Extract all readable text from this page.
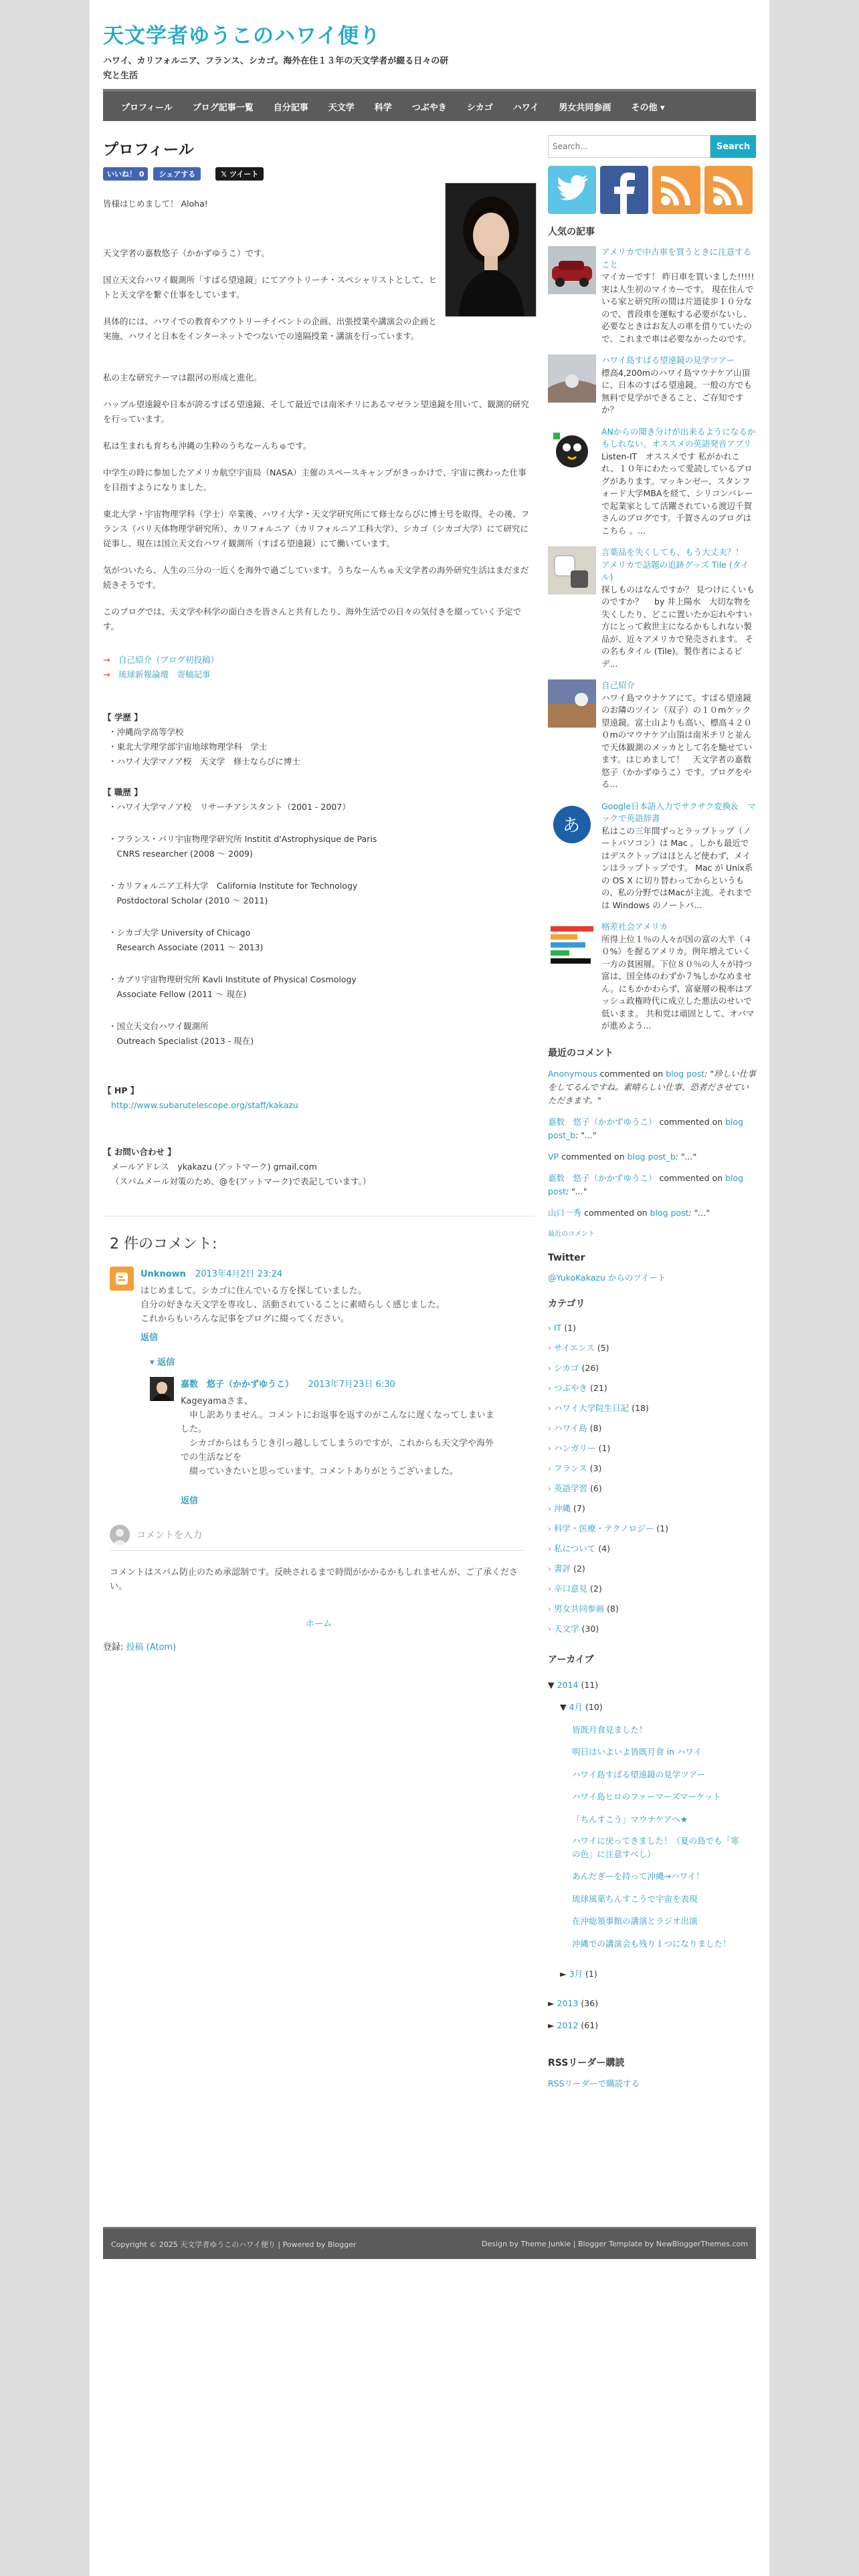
天文学者ゆうこのハワイ便り
ハワイ、カリフォルニア、フランス、シカゴ。海外在住１３年の天文学者が綴る日々の研究と生活
プロフィール	ブログ記事一覧	自分記事	天文学	科学	つぶやき	シカゴ	ハワイ	男女共同参画	その他 ▾
プロフィール
いいね！ 0	シェアする	𝕏 ツイート

皆様はじめまして！ Aloha!

天文学者の嘉数悠子（かかずゆうこ）です。

国立天文台ハワイ観測所「すばる望遠鏡」にてアウトリーチ・スペシャリストとして、ヒトと天文学を繋ぐ仕事をしています。

具体的には、ハワイでの教育やアウトリーチイベントの企画、出張授業や講演会の企画と実施、ハワイと日本をインターネットでつないでの遠隔授業・講演を行っています。

私の主な研究テーマは銀河の形成と進化。

ハッブル望遠鏡や日本が誇るすばる望遠鏡、そして最近では南米チリにあるマゼラン望遠鏡を用いて、観測的研究を行っています。

私は生まれも育ちも沖縄の生粋のうちなーんちゅです。

中学生の時に参加したアメリカ航空宇宙局（NASA）主催のスペースキャンプがきっかけで、宇宙に携わった仕事を目指すようになりました。

東北大学・宇宙物理学科（学士）卒業後、ハワイ大学・天文学研究所にて修士ならびに博士号を取得。その後、フランス（パリ天体物理学研究所）、カリフォルニア（カリフォルニア工科大学）、シカゴ（シカゴ大学）にて研究に従事し、現在は国立天文台ハワイ観測所（すばる望遠鏡）にて働いています。

気がついたら、人生の三分の一近くを海外で過ごしています。うちなーんちゅ天文学者の海外研究生活はまだまだ続きそうです。

このブログでは、天文学や科学の面白さを皆さんと共有したり、海外生活での日々の気付きを綴っていく予定です。

→　 自己紹介（ブログ初投稿）
→　 琉球新報論壇　寄稿記事
【 学歴 】
・沖縄尚学高等学校
・東北大学理学部宇宙地球物理学科　学士
・ハワイ大学マノア校　天文学　修士ならびに博士
【 職歴 】
・ハワイ大学マノア校　リサーチアシスタント（2001 - 2007）
・フランス・パリ宇宙物理学研究所 Institit d'Astrophysique de Paris
　CNRS researcher (2008 ～ 2009)
・カリフォルニア工科大学　California Institute for Technology
　Postdoctoral Scholar (2010 ～ 2011)
・シカゴ大学 University of Chicago
　Research Associate (2011 ～ 2013)
・カブリ宇宙物理研究所 Kavli Institute of Physical Cosmology
　Associate Fellow (2011 ～ 現在)
・国立天文台ハワイ観測所
　Outreach Specialist (2013 - 現在)
【 HP 】
http://www.subarutelescope.org/staff/kakazu
【 お問い合わせ 】
メールアドレス　ykakazu (アットマーク) gmail.com
（スパムメール対策のため、@を(アットマーク)で表記しています。）
2 件のコメント:
Unknown　 2013年4月2日 23:24
はじめまして。シカゴに住んでいる方を探していました。
自分の好きな天文学を専攻し、活動されていることに素晴らしく感じました。
これからもいろんな記事をブログに綴ってください。
返信
▾ 返信
嘉数　悠子（かかずゆうこ）　　 2013年7月23日 6:30
Kageyamaさま、
　申し訳ありません。コメントにお返事を返すのがこんなに遅くなってしまいました。
　シカゴからはもうじき引っ越ししてしまうのですが、これからも天文学や海外での生活などを
　綴っていきたいと思っています。コメントありがとうございました。
返信
コメントを入力

コメントはスパム防止のため承認制です。反映されるまで時間がかかるかもしれませんが、ご了承ください。

ホーム
登録: 投稿 (Atom)
Search...
Search
人気の記事
アメリカで中古車を買うときに注意すること
マイカーです！ 昨日車を買いました!!!!!　 実は人生初のマイカーです。 現在住んでいる家と研究所の間は片道徒歩１０分なので、普段車を運転する必要がないし、必要なときはお友人の車を借りていたので、これまで車は必要なかったのです。
ハワイ島すばる望遠鏡の見学ツアー
標高4,200mのハワイ島マウナケア山頂に、日本のすばる望遠鏡。一般の方でも無料で見学ができること、ご存知ですか？
ANからの聞き分けが出来るようになるかもしれない。オススメの英語発音アプリ
Listen-IT　オススメです 私がかれこれ、１０年にわたって愛読しているブログがあります。マッキンゼー、スタンフォード大学MBAを経て、シリコンバレーで起業家として活躍されている渡辺千賀さんのブログです。千賀さんのブログは　こちら 。...
言葉品を失くしても、もう大丈夫？！　アメリカで話題の追跡グッズ Tile (タイル)
探しものはなんですか？ 見つけにくいものですか？　 by 井上陽水　大切な物を失くしたり、どこに置いたか忘れやすい方にとって救世主になるかもしれない製品が、近々アメリカで発売されます。 その名もタイル (Tile)。製作者によるビデ...
自己紹介
ハワイ島マウナケアにて。すばる望遠鏡のお隣のツイン（双子）の１０mケック望遠鏡。富士山よりも高い、標高４２００mのマウナケア山頂は南米チリと並んで天体観測のメッカとして名を馳せています。はじめまして！　天文学者の嘉数悠子（かかずゆうこ）です。ブログをやる...
あ
Google日本語入力でサクサク変換＆　マックで英語辞書
私はこの三年間ずっとラップトップ（ノートパソコン）は Mac 。しかも最近ではデスクトップはほとんど使わず、メインはラップトップです。 Mac が Unix系の OS X に切り替わってからというもの、私の分野ではMacが主流。それまでは Windows のノートパ...
格差社会アメリカ
所得上位１％の人々が国の富の大半（４０%）を握るアメリカ。例年増えていく一方の貧困層。下位８０％の人々が持つ富は、国全体のわずか７%しかなめません。にもかかわらず、富豪層の税率はブッシュ政権時代に成立した悪法のせいで低いまま。 共和党は頑固として、オバマが進めよう...
最近のコメント
Anonymous commented on blog post: "珍しい仕事をしてるんですね。素晴らしい仕事、恐者ださせていただきます。"
嘉数　悠子（かかずゆうこ） commented on blog post_b: "..."
VP commented on blog post_b: "..."
嘉数　悠子（かかずゆうこ） commented on blog post: "..."
山口一秀 commented on blog post: "..."
最近のコメント
Twitter
@YukoKakazu からのツイート
カテゴリ
› IT (1)
› サイエンス (5)
› シカゴ (26)
› つぶやき (21)
› ハワイ大学院生日記 (18)
› ハワイ島 (8)
› ハンガリー (1)
› フランス (3)
› 英語学習 (6)
› 沖縄 (7)
› 科学・医療・テクノロジー (1)
› 私について (4)
› 書評 (2)
› 辛口意見 (2)
› 男女共同参画 (8)
› 天文学 (30)
アーカイブ
▼ 2014 (11)
▼ 4月 (10)
皆既月食見ました！
明日はいよいよ皆既月食 in ハワイ
ハワイ島すばる望遠鏡の見学ツアー
ハワイ島ヒロのファーマーズマーケット
「ちんすこう」マウナケアへ★
ハワイに戻ってきました！（夏の島でも「寒の色」に注意すべし）
あんだぎーを持って沖縄→ハワイ！
琉球風菓ちんすこうで宇宙を表現
在沖総領事館の講演とラジオ出演
沖縄での講演会も残り１つになりました！
► 3月 (1)
► 2013 (36)
► 2012 (61)
RSSリーダー購読
RSSリーダーで購読する
Copyright © 2025 天文学者ゆうこのハワイ便り | Powered by Blogger	Design by Theme Junkie | Blogger Template by NewBloggerThemes.com
